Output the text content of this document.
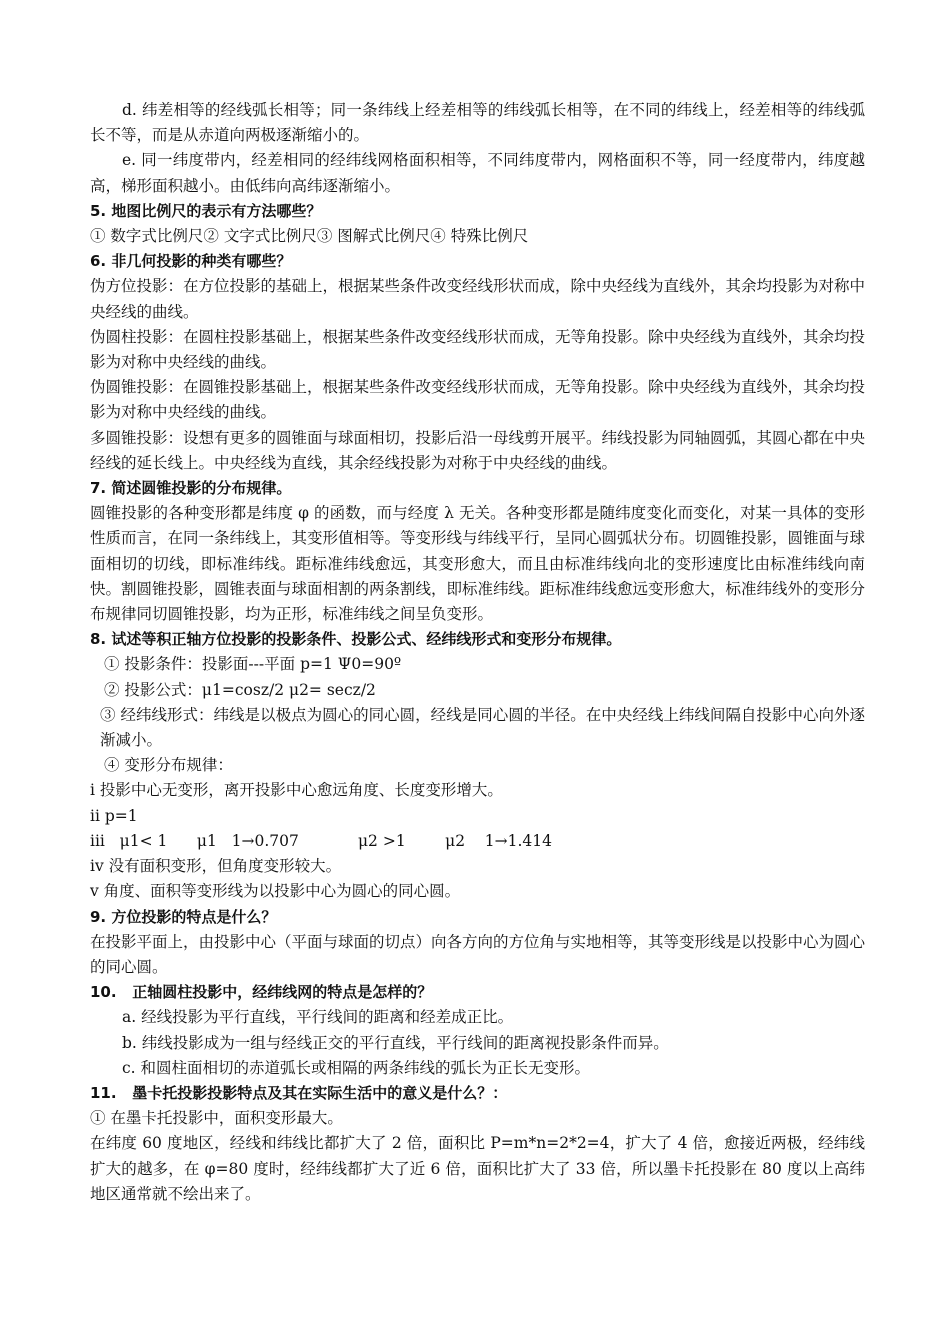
d. 纬差相等的经线弧长相等；同一条纬线上经差相等的纬线弧长相等，在不同的纬线上，经差相等的纬线弧长不等，而是从赤道向两极逐渐缩小的。

e. 同一纬度带内，经差相同的经纬线网格面积相等，不同纬度带内，网格面积不等，同一经度带内，纬度越高，梯形面积越小。由低纬向高纬逐渐缩小。

5. 地图比例尺的表示有方法哪些？

① 数字式比例尺② 文字式比例尺③ 图解式比例尺④ 特殊比例尺

6. 非几何投影的种类有哪些？

伪方位投影：在方位投影的基础上，根据某些条件改变经线形状而成，除中央经线为直线外，其余均投影为对称中央经线的曲线。

伪圆柱投影：在圆柱投影基础上，根据某些条件改变经线形状而成，无等角投影。除中央经线为直线外，其余均投影为对称中央经线的曲线。

伪圆锥投影：在圆锥投影基础上，根据某些条件改变经线形状而成，无等角投影。除中央经线为直线外，其余均投影为对称中央经线的曲线。

多圆锥投影：设想有更多的圆锥面与球面相切，投影后沿一母线剪开展平。纬线投影为同轴圆弧，其圆心都在中央经线的延长线上。中央经线为直线，其余经线投影为对称于中央经线的曲线。

7. 简述圆锥投影的分布规律。

圆锥投影的各种变形都是纬度 φ 的函数，而与经度 λ 无关。各种变形都是随纬度变化而变化，对某一具体的变形性质而言，在同一条纬线上，其变形值相等。等变形线与纬线平行，呈同心圆弧状分布。切圆锥投影，圆锥面与球面相切的切线，即标准纬线。距标准纬线愈远，其变形愈大，而且由标准纬线向北的变形速度比由标准纬线向南快。割圆锥投影，圆锥表面与球面相割的两条割线，即标准纬线。距标准纬线愈远变形愈大，标准纬线外的变形分布规律同切圆锥投影，均为正形，标准纬线之间呈负变形。

8. 试述等积正轴方位投影的投影条件、投影公式、经纬线形式和变形分布规律。

① 投影条件：投影面---平面 p=1 Ψ0=90º

② 投影公式：μ1=cosz/2 μ2= secz/2

③ 经纬线形式：纬线是以极点为圆心的同心圆，经线是同心圆的半径。在中央经线上纬线间隔自投影中心向外逐渐减小。

④ 变形分布规律：

i 投影中心无变形，离开投影中心愈远角度、长度变形增大。

ii p=1

iii   μ1< 1      μ1   1→0.707            μ2 >1        μ2    1→1.414

iv 没有面积变形，但角度变形较大。

v 角度、面积等变形线为以投影中心为圆心的同心圆。

9. 方位投影的特点是什么？

在投影平面上，由投影中心（平面与球面的切点）向各方向的方位角与实地相等，其等变形线是以投影中心为圆心的同心圆。

10.   正轴圆柱投影中，经纬线网的特点是怎样的？

a. 经线投影为平行直线，平行线间的距离和经差成正比。

b. 纬线投影成为一组与经线正交的平行直线，平行线间的距离视投影条件而异。

c. 和圆柱面相切的赤道弧长或相隔的两条纬线的弧长为正长无变形。

11.   墨卡托投影投影特点及其在实际生活中的意义是什么？：

① 在墨卡托投影中，面积变形最大。

在纬度 60 度地区，经线和纬线比都扩大了 2 倍，面积比 P=m*n=2*2=4，扩大了 4 倍，愈接近两极，经纬线扩大的越多，在 φ=80 度时，经纬线都扩大了近 6 倍，面积比扩大了 33 倍，所以墨卡托投影在 80 度以上高纬地区通常就不绘出来了。
